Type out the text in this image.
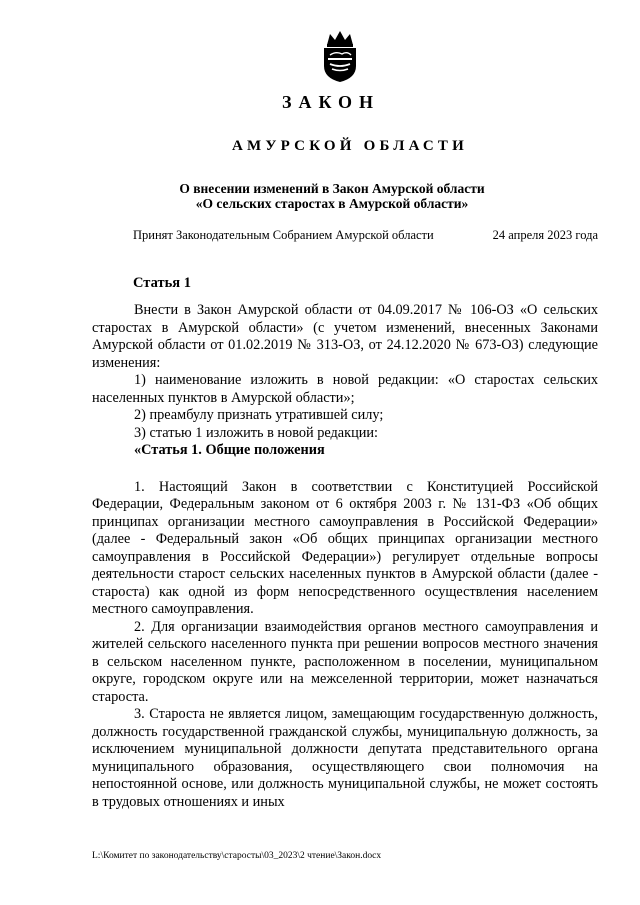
ЗАКОН
АМУРСКОЙ ОБЛАСТИ
О внесении изменений в Закон Амурской области
«О сельских старостах в Амурской области»
Принят Законодательным Собранием Амурской области	24 апреля 2023 года
Статья 1

Внести в Закон Амурской области от 04.09.2017 № 106-ОЗ «О сельских старостах в Амурской области» (с учетом изменений, внесенных Законами Амурской области от 01.02.2019 № 313-ОЗ, от 24.12.2020 № 673-ОЗ) следующие изменения:

1) наименование изложить в новой редакции: «О старостах сельских населенных пунктов в Амурской области»;

2) преамбулу признать утратившей силу;

3) статью 1 изложить в новой редакции:

«Статья 1. Общие положения

1. Настоящий Закон в соответствии с Конституцией Российской Федерации, Федеральным законом от 6 октября 2003 г. № 131-ФЗ «Об общих принципах организации местного самоуправления в Российской Федерации» (далее - Федеральный закон «Об общих принципах организации местного самоуправления в Российской Федерации») регулирует отдельные вопросы деятельности старост сельских населенных пунктов в Амурской области (далее - староста) как одной из форм непосредственного осуществления населением местного самоуправления.

2. Для организации взаимодействия органов местного самоуправления и жителей сельского населенного пункта при решении вопросов местного значения в сельском населенном пункте, расположенном в поселении, муниципальном округе, городском округе или на межселенной территории, может назначаться староста.

3. Староста не является лицом, замещающим государственную должность, должность государственной гражданской службы, муниципальную должность, за исключением муниципальной должности депутата представительного органа муниципального образования, осуществляющего свои полномочия на непостоянной основе, или должность муниципальной службы, не может состоять в трудовых отношениях и иных

L:\Комитет по законодательству\старосты\03_2023\2 чтение\Закон.docx
